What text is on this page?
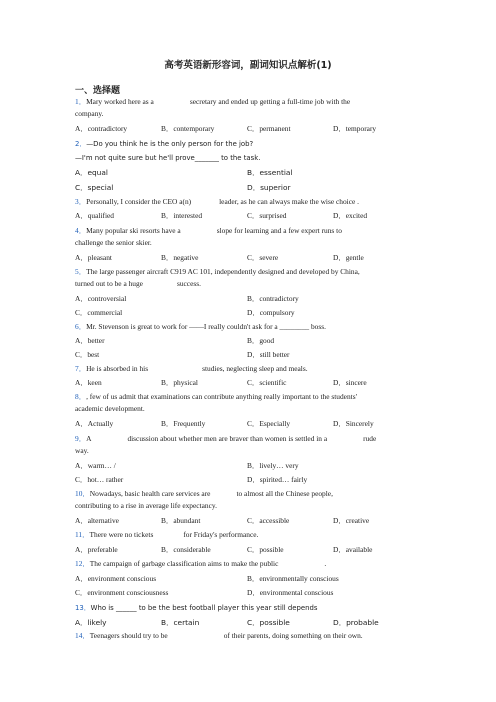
高考英语新形容词，副词知识点解析(1)
一、选择题
1．Mary worked here as a	secretary and ended up getting a full-time job with the
company.
A．contradictory	B．contemporary	C．permanent	D．temporary
2．—Do you think he is the only person for the job?
—I'm not quite sure but he'll prove_______ to the task.
A．equal	B．essential
C．special	D．superior
3．Personally, I consider the CEO a(n)	leader, as he can always make the wise choice .
A．qualified	B．interested	C．surprised	D．excited
4．Many popular ski resorts have a	slope for learning and a few expert runs to
challenge the senior skier.
A．pleasant	B．negative	C．severe	D．gentle
5．The large passenger aircraft C919 AC 101, independently designed and developed by China,
turned out to be a huge	success.
A．controversial	B．contradictory
C．commercial	D．compulsory
6．Mr. Stevenson is great to work for ——I really couldn't ask for a ________ boss.
A．better	B．good
C．best	D．still better
7．He is absorbed in his	studies, neglecting sleep and meals.
A．keen	B．physical	C．scientific	D．sincere
8．, few of us admit that examinations can contribute anything really important to the students'
academic development.
A．Actually	B．Frequently	C．Especially	D．Sincerely
9．A	discussion about whether men are braver than women is settled in a	rude
way.
A．warm… /	B．lively… very
C．hot… rather	D．spirited… fairly
10．Nowadays, basic health care services are	to almost all the Chinese people,
contributing to a rise in average life expectancy.
A．alternative	B．abundant	C．accessible	D．creative
11．There were no tickets	for Friday's performance.
A．preferable	B．considerable	C．possible	D．available
12．The campaign of garbage classification aims to make the public	.
A．environment conscious	B．environmentally conscious
C．environment consciousness	D．environmental conscious
13．Who is ______ to be the best football player this year still depends
A．likely	B．certain	C．possible	D．probable
14．Teenagers should try to be	of their parents, doing something on their own.
